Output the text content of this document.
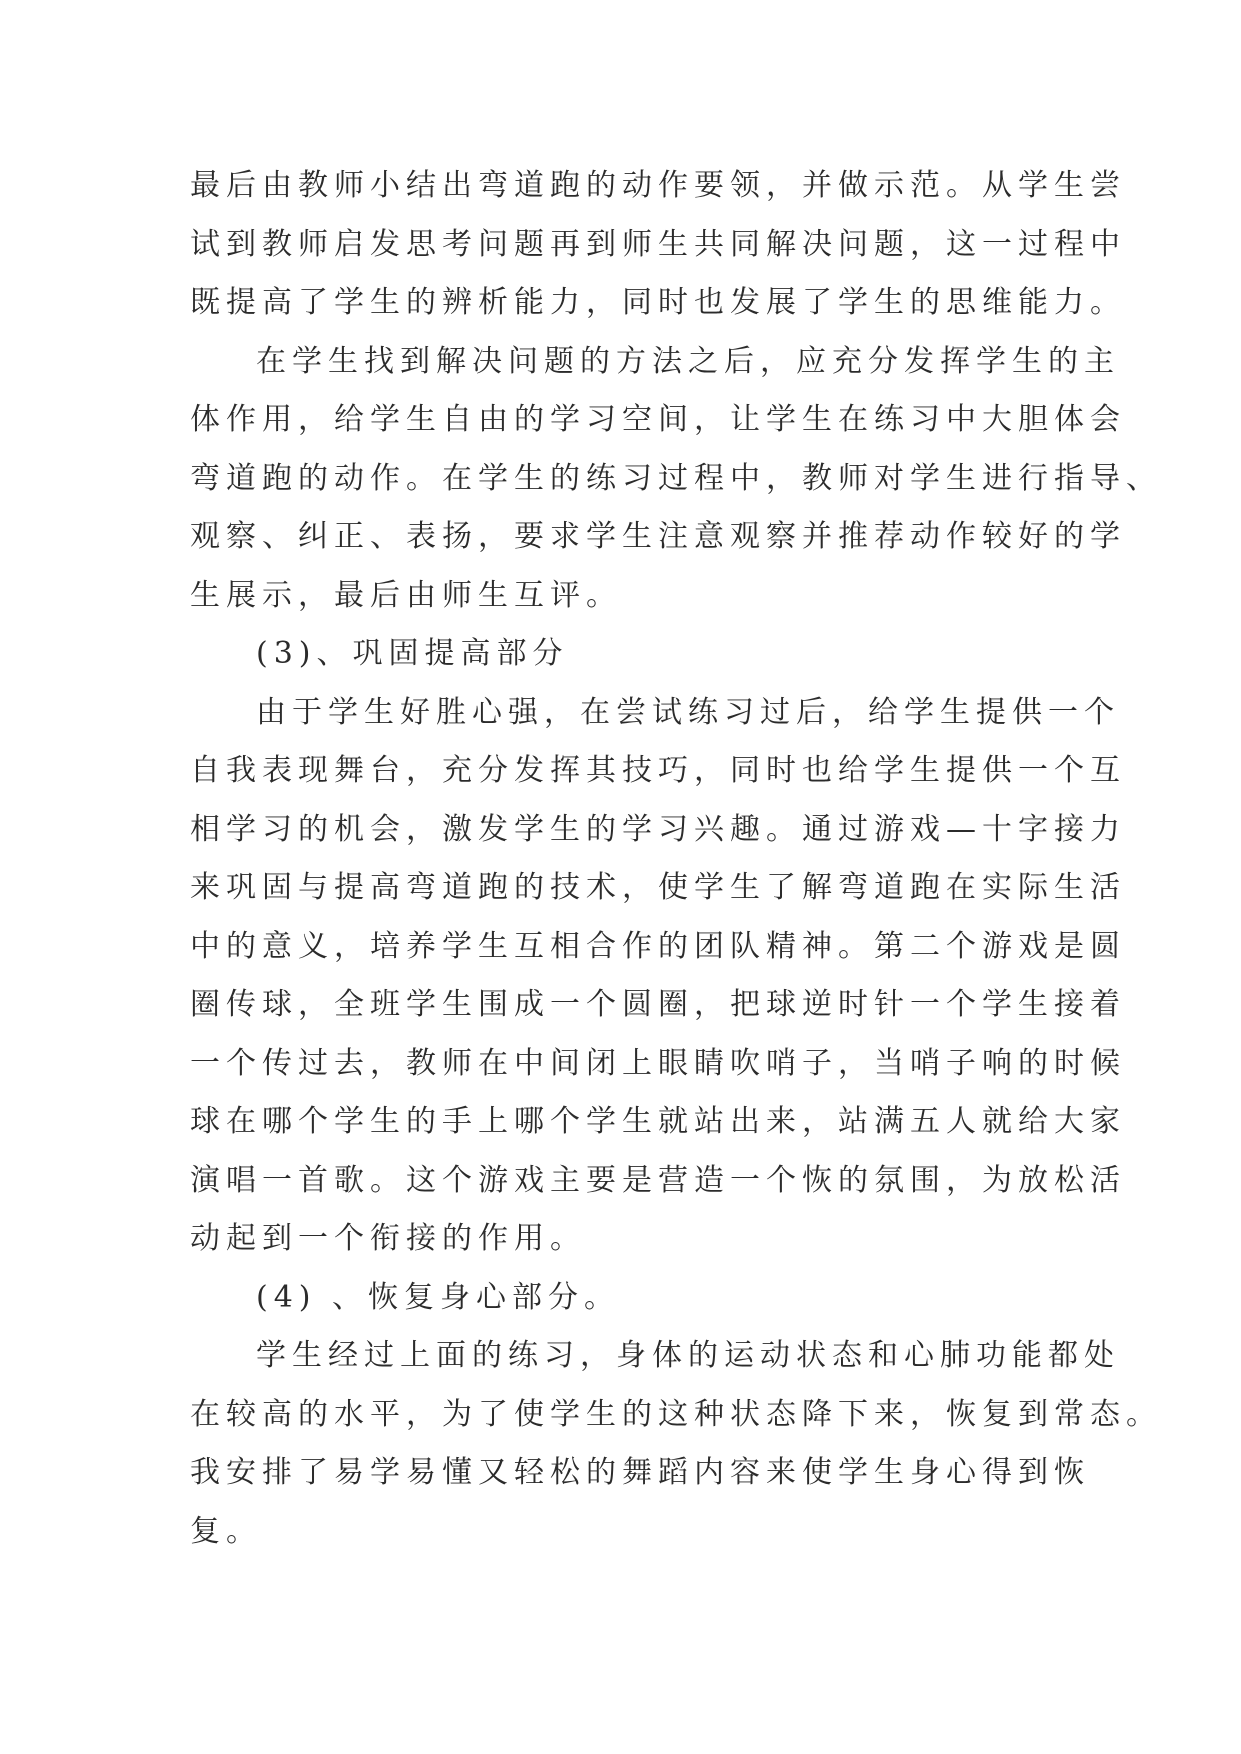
最后由教师小结出弯道跑的动作要领，并做示范。从学生尝
试到教师启发思考问题再到师生共同解决问题，这一过程中
既提高了学生的辨析能力，同时也发展了学生的思维能力。
在学生找到解决问题的方法之后，应充分发挥学生的主
体作用，给学生自由的学习空间，让学生在练习中大胆体会
弯道跑的动作。在学生的练习过程中，教师对学生进行指导、
观察、纠正、表扬，要求学生注意观察并推荐动作较好的学
生展示，最后由师生互评。
(3)、巩固提高部分
由于学生好胜心强，在尝试练习过后，给学生提供一个
自我表现舞台，充分发挥其技巧，同时也给学生提供一个互
相学习的机会，激发学生的学习兴趣。通过游戏—十字接力
来巩固与提高弯道跑的技术，使学生了解弯道跑在实际生活
中的意义，培养学生互相合作的团队精神。第二个游戏是圆
圈传球，全班学生围成一个圆圈，把球逆时针一个学生接着
一个传过去，教师在中间闭上眼睛吹哨子，当哨子响的时候
球在哪个学生的手上哪个学生就站出来，站满五人就给大家
演唱一首歌。这个游戏主要是营造一个恢的氛围，为放松活
动起到一个衔接的作用。
(4) 、恢复身心部分。
学生经过上面的练习，身体的运动状态和心肺功能都处
在较高的水平，为了使学生的这种状态降下来，恢复到常态。
我安排了易学易懂又轻松的舞蹈内容来使学生身心得到恢
复。
